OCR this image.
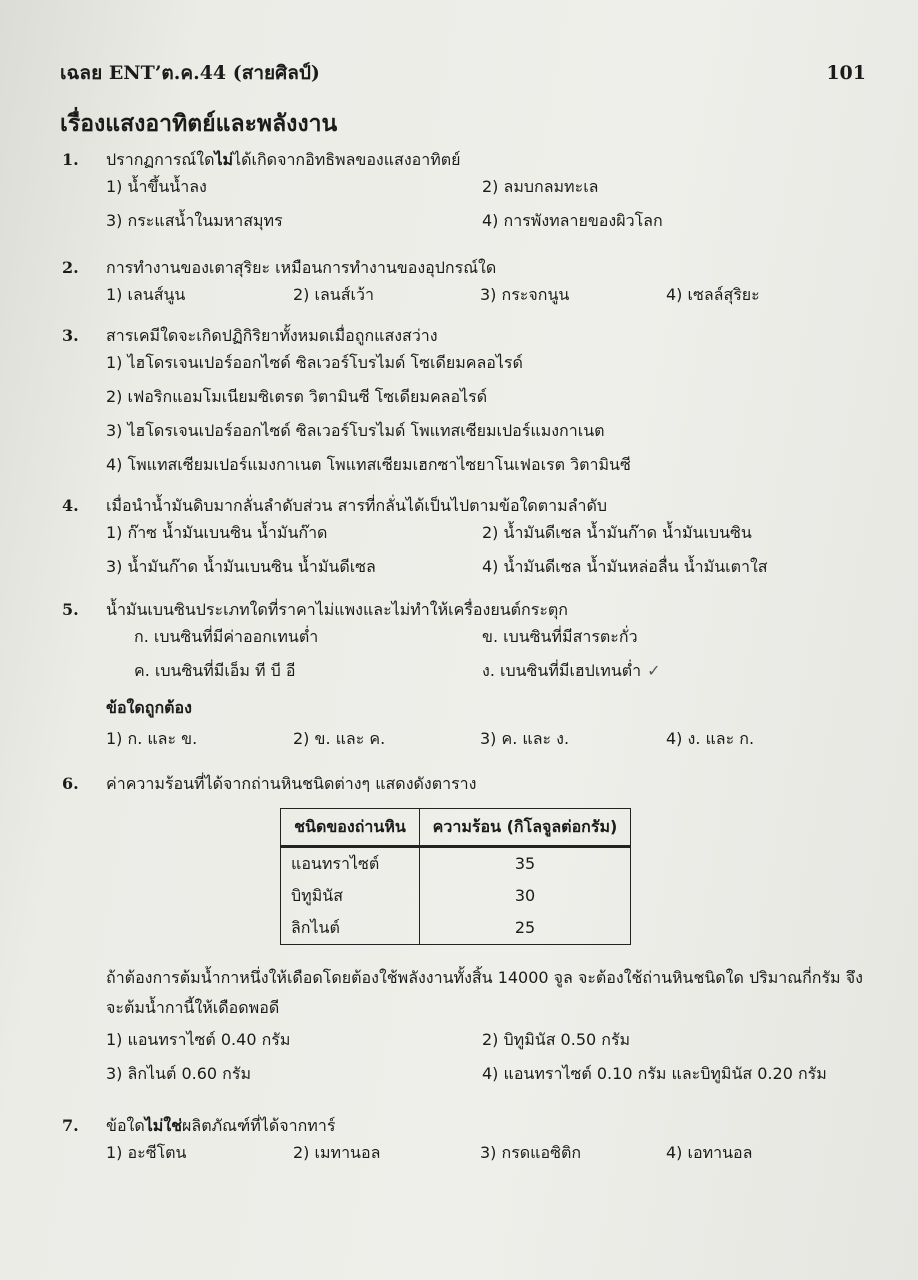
เฉลย ENT’ต.ค.44 (สายศิลป์)	101
เรื่องแสงอาทิตย์และพลังงาน
1.	ปรากฏการณ์ใดไม่ได้เกิดจากอิทธิพลของแสงอาทิตย์
1) น้ำขึ้นน้ำลง	2) ลมบกลมทะเล
3) กระแสน้ำในมหาสมุทร	4) การพังทลายของผิวโลก
2.	การทำงานของเตาสุริยะ เหมือนการทำงานของอุปกรณ์ใด
1) เลนส์นูน	2) เลนส์เว้า	3) กระจกนูน	4) เซลล์สุริยะ
3.	สารเคมีใดจะเกิดปฏิกิริยาทั้งหมดเมื่อถูกแสงสว่าง
1) ไฮโดรเจนเปอร์ออกไซด์ ซิลเวอร์โบรไมด์ โซเดียมคลอไรด์
2) เฟอริกแอมโมเนียมซิเตรต วิตามินซี โซเดียมคลอไรด์
3) ไฮโดรเจนเปอร์ออกไซด์ ซิลเวอร์โบรไมด์ โพแทสเซียมเปอร์แมงกาเนต
4) โพแทสเซียมเปอร์แมงกาเนต โพแทสเซียมเฮกซาไซยาโนเฟอเรต วิตามินซี
4.	เมื่อนำน้ำมันดิบมากลั่นลำดับส่วน สารที่กลั่นได้เป็นไปตามข้อใดตามลำดับ
1) ก๊าซ น้ำมันเบนซิน น้ำมันก๊าด	2) น้ำมันดีเซล น้ำมันก๊าด น้ำมันเบนซิน
3) น้ำมันก๊าด น้ำมันเบนซิน น้ำมันดีเซล	4) น้ำมันดีเซล น้ำมันหล่อลื่น น้ำมันเตาใส
5.	น้ำมันเบนซินประเภทใดที่ราคาไม่แพงและไม่ทำให้เครื่องยนต์กระตุก
ก. เบนซินที่มีค่าออกเทนต่ำ	ข. เบนซินที่มีสารตะกั่ว
ค. เบนซินที่มีเอ็ม ที บี อี	ง. เบนซินที่มีเฮปเทนต่ำ ✓
ข้อใดถูกต้อง
1) ก. และ ข.	2) ข. และ ค.	3) ค. และ ง.	4) ง. และ ก.
6.	ค่าความร้อนที่ได้จากถ่านหินชนิดต่างๆ แสดงดังตาราง
ชนิดของถ่านหิน	ความร้อน (กิโลจูลต่อกรัม)
แอนทราไซต์	35
บิทูมินัส	30
ลิกไนต์	25
ถ้าต้องการต้มน้ำกาหนึ่งให้เดือดโดยต้องใช้พลังงานทั้งสิ้น 14000 จูล จะต้องใช้ถ่านหินชนิดใด ปริมาณกี่กรัม จึงจะต้มน้ำกานี้ให้เดือดพอดี
1) แอนทราไซต์ 0.40 กรัม	2) บิทูมินัส 0.50 กรัม
3) ลิกไนต์ 0.60 กรัม	4) แอนทราไซต์ 0.10 กรัม และบิทูมินัส 0.20 กรัม
7.	ข้อใดไม่ใช่ผลิตภัณฑ์ที่ได้จากทาร์
1) อะซีโตน	2) เมทานอล	3) กรดแอซิติก	4) เอทานอล
